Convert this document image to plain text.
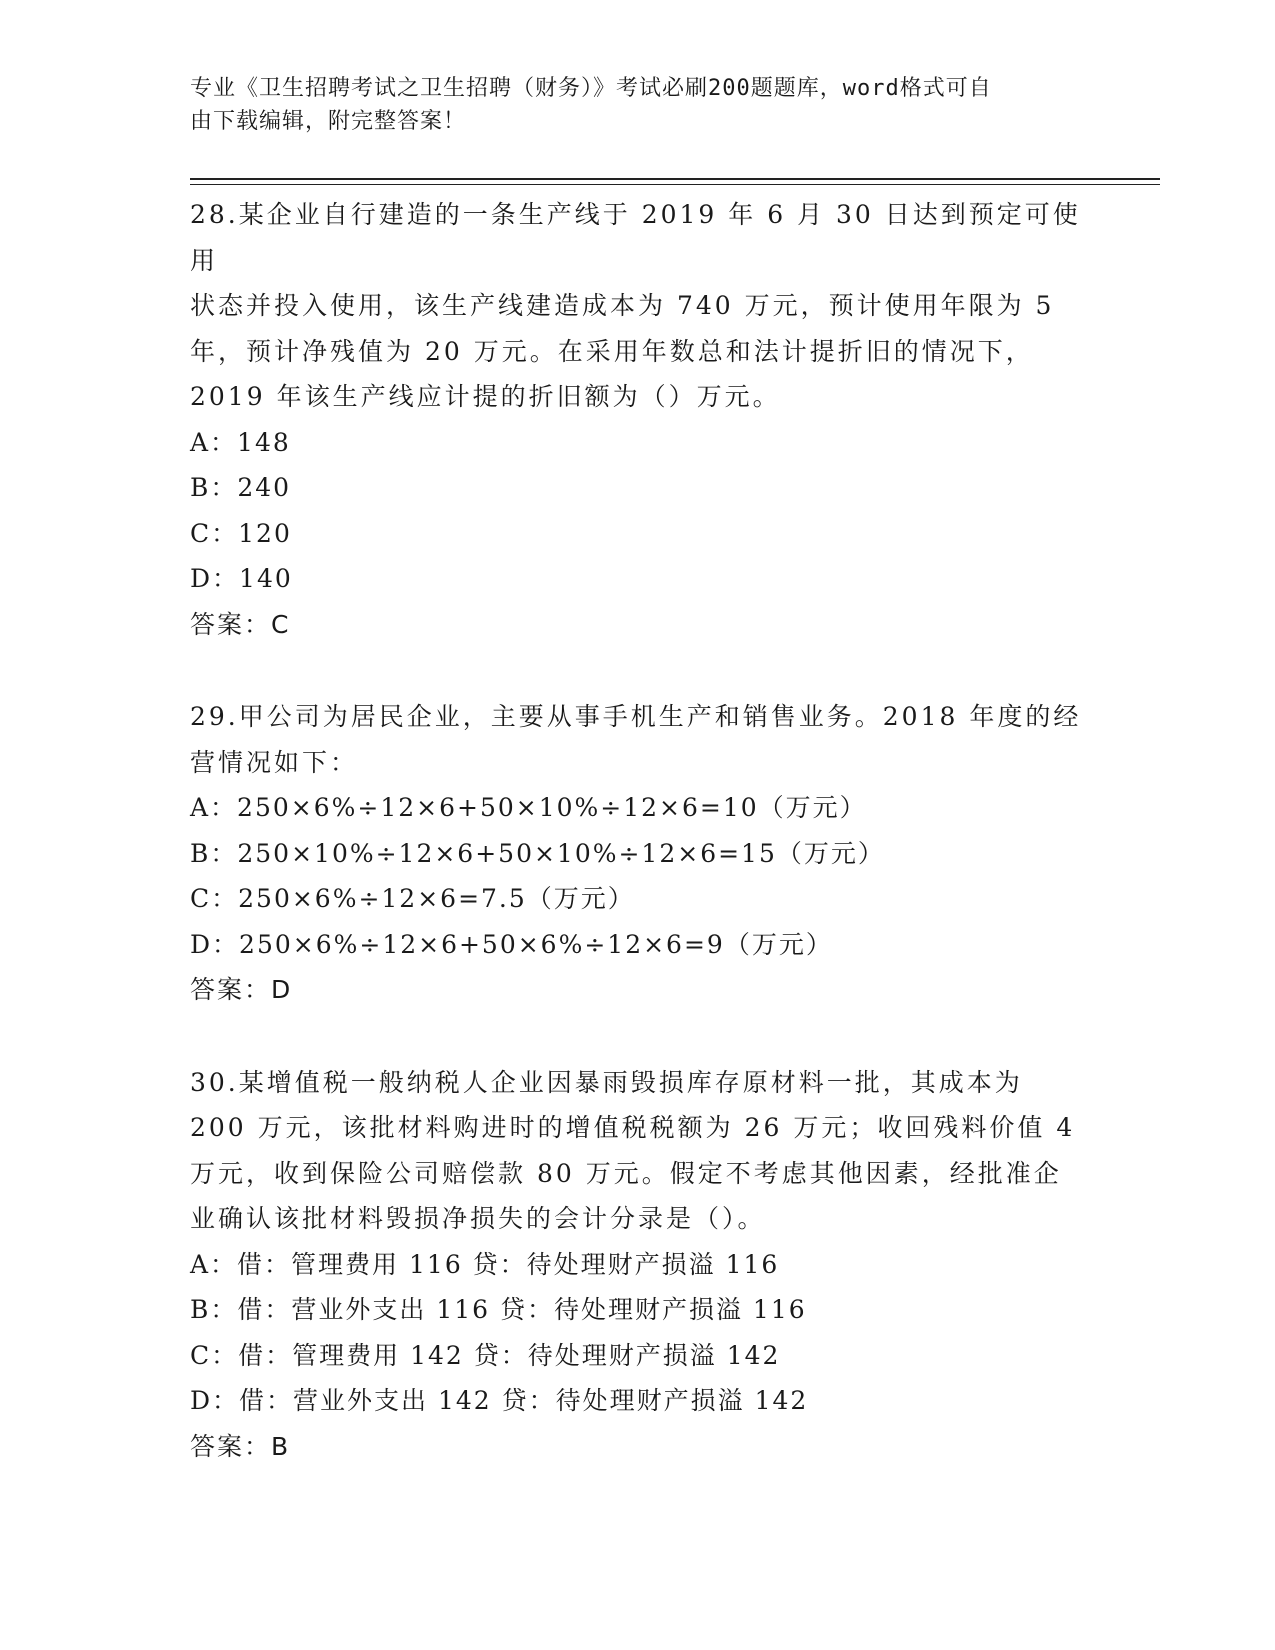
专业《卫生招聘考试之卫生招聘（财务）》考试必刷200题题库，word格式可自
由下载编辑，附完整答案！
28.某企业自行建造的一条生产线于 2019 年 6 月 30 日达到预定可使用
状态并投入使用，该生产线建造成本为 740 万元，预计使用年限为 5
年，预计净残值为 20 万元。在采用年数总和法计提折旧的情况下，
2019 年该生产线应计提的折旧额为（）万元。
A：148
B：240
C：120
D：140
答案：C
29.甲公司为居民企业，主要从事手机生产和销售业务。2018 年度的经
营情况如下：
A：250×6%÷12×6+50×10%÷12×6=10（万元）
B：250×10%÷12×6+50×10%÷12×6=15（万元）
C：250×6%÷12×6=7.5（万元）
D：250×6%÷12×6+50×6%÷12×6=9（万元）
答案：D
30.某增值税一般纳税人企业因暴雨毁损库存原材料一批，其成本为
200 万元，该批材料购进时的增值税税额为 26 万元；收回残料价值 4
万元，收到保险公司赔偿款 80 万元。假定不考虑其他因素，经批准企
业确认该批材料毁损净损失的会计分录是（）。
A：借：管理费用 116 贷：待处理财产损溢 116
B：借：营业外支出 116 贷：待处理财产损溢 116
C：借：管理费用 142 贷：待处理财产损溢 142
D：借：营业外支出 142 贷：待处理财产损溢 142
答案：B
